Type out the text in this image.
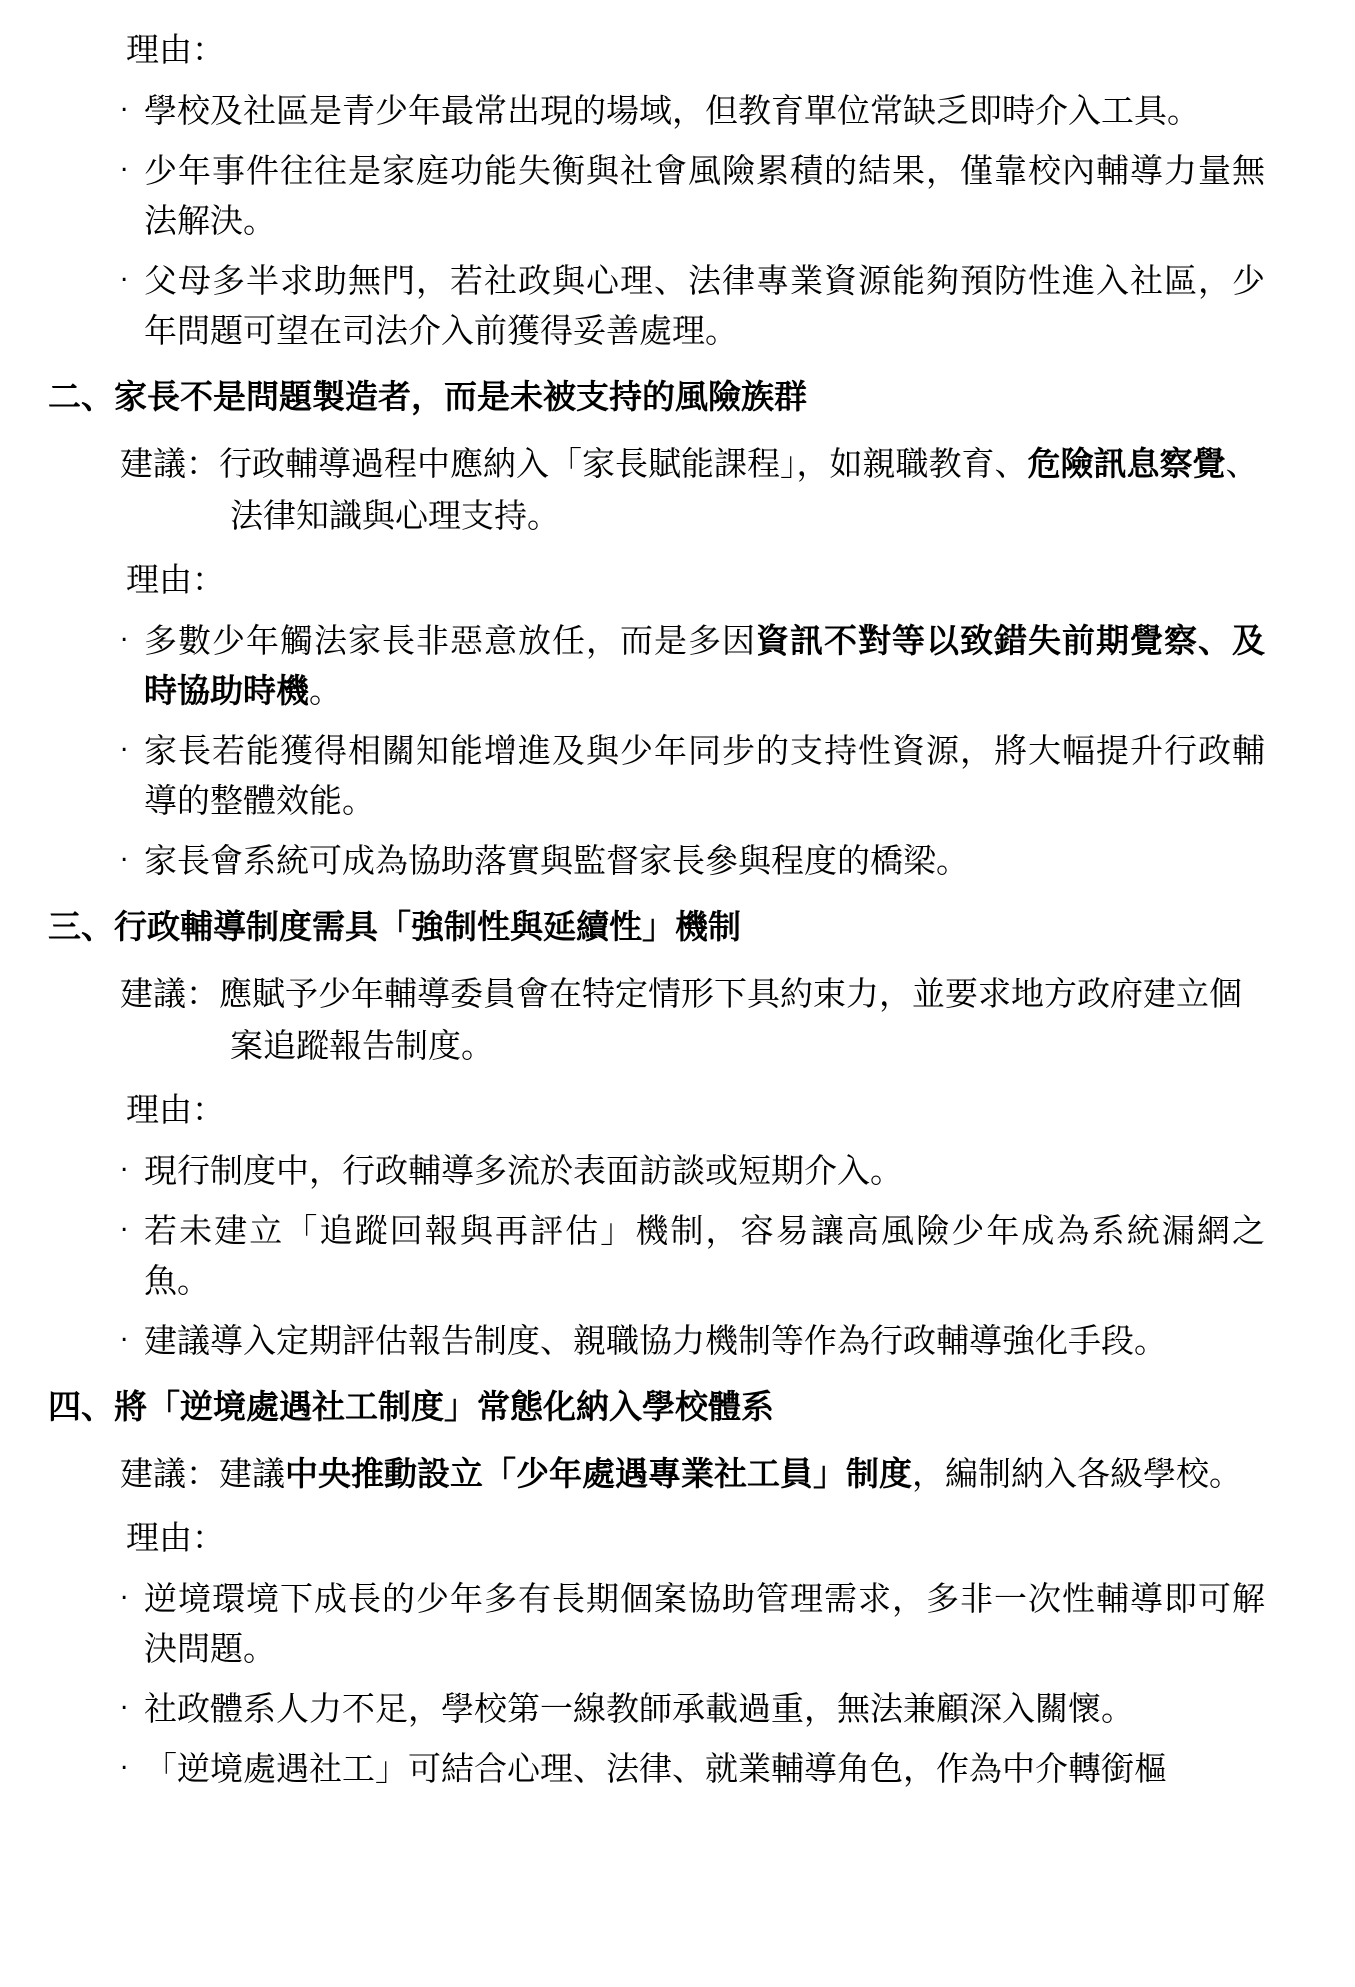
理由：
‧ 學校及社區是青少年最常出現的場域，但教育單位常缺乏即時介入工具。
‧ 少年事件往往是家庭功能失衡與社會風險累積的結果，僅靠校內輔導力量無法解決。
‧ 父母多半求助無門，若社政與心理、法律專業資源能夠預防性進入社區，少年問題可望在司法介入前獲得妥善處理。
二、家長不是問題製造者，而是未被支持的風險族群
建議：行政輔導過程中應納入「家長賦能課程」，如親職教育、危險訊息察覺、法律知識與心理支持。
理由：
‧ 多數少年觸法家長非惡意放任，而是多因資訊不對等以致錯失前期覺察、及時協助時機。
‧ 家長若能獲得相關知能增進及與少年同步的支持性資源，將大幅提升行政輔導的整體效能。
‧ 家長會系統可成為協助落實與監督家長參與程度的橋梁。
三、行政輔導制度需具「強制性與延續性」機制
建議：應賦予少年輔導委員會在特定情形下具約束力，並要求地方政府建立個案追蹤報告制度。
理由：
‧ 現行制度中，行政輔導多流於表面訪談或短期介入。
‧ 若未建立「追蹤回報與再評估」機制，容易讓高風險少年成為系統漏網之魚。
‧ 建議導入定期評估報告制度、親職協力機制等作為行政輔導強化手段。
四、將「逆境處遇社工制度」常態化納入學校體系
建議：建議中央推動設立「少年處遇專業社工員」制度，編制納入各級學校。
理由：
‧ 逆境環境下成長的少年多有長期個案協助管理需求，多非一次性輔導即可解決問題。
‧ 社政體系人力不足，學校第一線教師承載過重，無法兼顧深入關懷。
‧ 「逆境處遇社工」可結合心理、法律、就業輔導角色，作為中介轉銜樞
